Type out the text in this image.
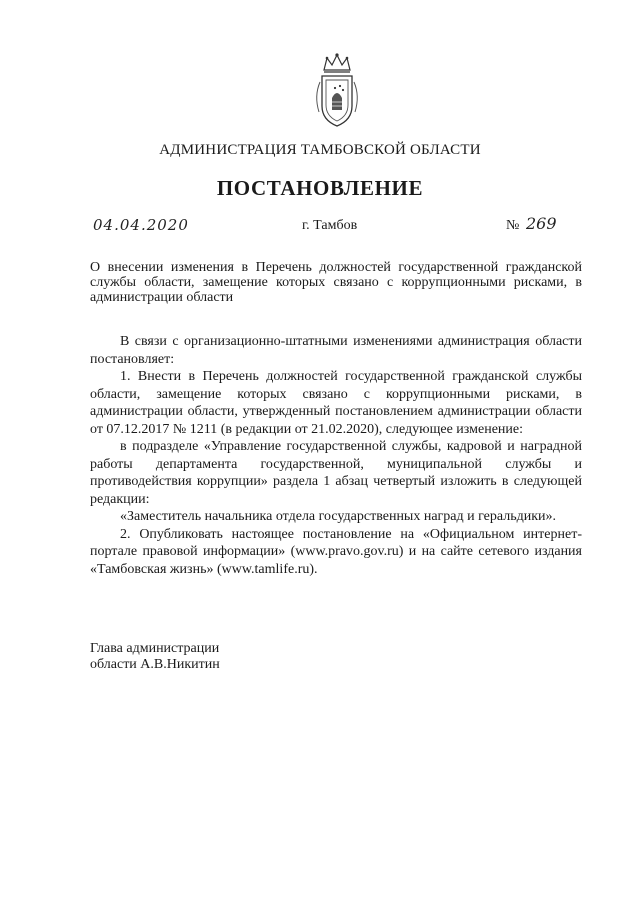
АДМИНИСТРАЦИЯ ТАМБОВСКОЙ ОБЛАСТИ
ПОСТАНОВЛЕНИЕ
04.04.2020	г. Тамбов	№ 269
О внесении изменения в Перечень должностей государственной гражданской службы области, замещение которых связано с коррупционными рисками, в администрации области

В связи с организационно-штатными изменениями администрация области постановляет:

1. Внести в Перечень должностей государственной гражданской службы области, замещение которых связано с коррупционными рисками, в администрации области, утвержденный постановлением администрации области от 07.12.2017 № 1211 (в редакции от 21.02.2020), следующее изменение:

в подразделе «Управление государственной службы, кадровой и наградной работы департамента государственной, муниципальной службы и противодействия коррупции» раздела 1 абзац четвертый изложить в следующей редакции:

«Заместитель начальника отдела государственных наград и геральдики».

2. Опубликовать настоящее постановление на «Официальном интернет-портале правовой информации» (www.pravo.gov.ru) и на сайте сетевого издания «Тамбовская жизнь» (www.tamlife.ru).

Глава администрации
области А.В.Никитин
